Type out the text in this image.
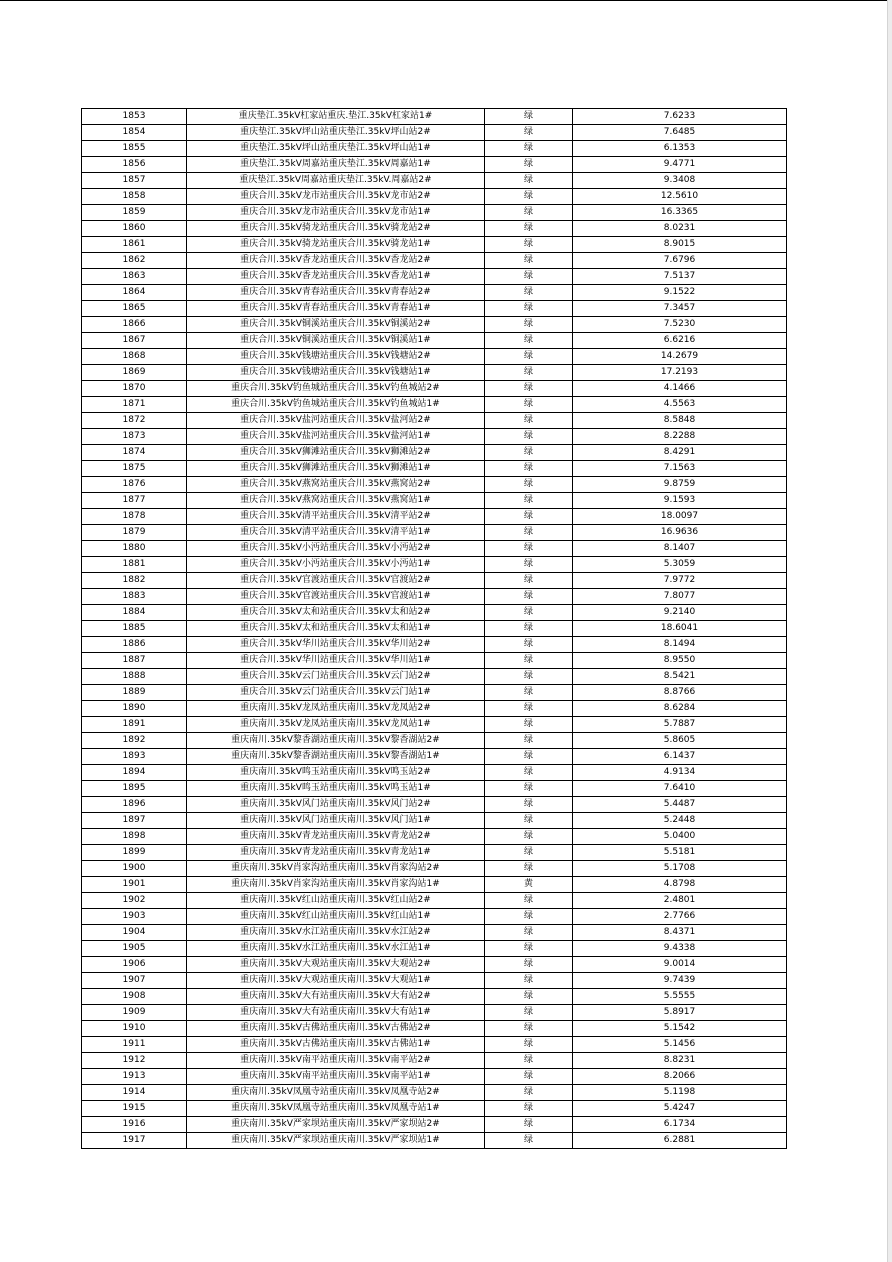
1853	重庆垫江.35kV杠家站重庆.垫江.35kV杠家站1#	绿	7.6233
1854	重庆垫江.35kV坪山站重庆垫江.35kV坪山站2#	绿	7.6485
1855	重庆垫江.35kV坪山站重庆垫江.35kV坪山站1#	绿	6.1353
1856	重庆垫江.35kV周嘉站重庆垫江.35kV周嘉站1#	绿	9.4771
1857	重庆垫江.35kV周嘉站重庆垫江.35kV.周嘉站2#	绿	9.3408
1858	重庆合川.35kV龙市站重庆合川.35kV龙市站2#	绿	12.5610
1859	重庆合川.35kV龙市站重庆合川.35kV龙市站1#	绿	16.3365
1860	重庆合川.35kV骑龙站重庆合川.35kV骑龙站2#	绿	8.0231
1861	重庆合川.35kV骑龙站重庆合川.35kV骑龙站1#	绿	8.9015
1862	重庆合川.35kV香龙站重庆合川.35kV香龙站2#	绿	7.6796
1863	重庆合川.35kV香龙站重庆合川.35kV香龙站1#	绿	7.5137
1864	重庆合川.35kV青春站重庆合川.35kV青春站2#	绿	9.1522
1865	重庆合川.35kV青春站重庆合川.35kV青春站1#	绿	7.3457
1866	重庆合川.35kV铜溪站重庆合川.35kV铜溪站2#	绿	7.5230
1867	重庆合川.35kV铜溪站重庆合川.35kV铜溪站1#	绿	6.6216
1868	重庆合川.35kV钱塘站重庆合川.35kV钱塘站2#	绿	14.2679
1869	重庆合川.35kV钱塘站重庆合川.35kV钱塘站1#	绿	17.2193
1870	重庆合川.35kV钓鱼城站重庆合川.35kV钓鱼城站2#	绿	4.1466
1871	重庆合川.35kV钓鱼城站重庆合川.35kV钓鱼城站1#	绿	4.5563
1872	重庆合川.35kV盐河站重庆合川.35kV盐河站2#	绿	8.5848
1873	重庆合川.35kV盐河站重庆合川.35kV盐河站1#	绿	8.2288
1874	重庆合川.35kV狮滩站重庆合川.35kV狮滩站2#	绿	8.4291
1875	重庆合川.35kV狮滩站重庆合川.35kV狮滩站1#	绿	7.1563
1876	重庆合川.35kV燕窝站重庆合川.35kV燕窝站2#	绿	9.8759
1877	重庆合川.35kV燕窝站重庆合川.35kV燕窝站1#	绿	9.1593
1878	重庆合川.35kV清平站重庆合川.35kV清平站2#	绿	18.0097
1879	重庆合川.35kV清平站重庆合川.35kV清平站1#	绿	16.9636
1880	重庆合川.35kV小沔站重庆合川.35kV小沔站2#	绿	8.1407
1881	重庆合川.35kV小沔站重庆合川.35kV小沔站1#	绿	5.3059
1882	重庆合川.35kV官渡站重庆合川.35kV官渡站2#	绿	7.9772
1883	重庆合川.35kV官渡站重庆合川.35kV官渡站1#	绿	7.8077
1884	重庆合川.35kV太和站重庆合川.35kV太和站2#	绿	9.2140
1885	重庆合川.35kV太和站重庆合川.35kV太和站1#	绿	18.6041
1886	重庆合川.35kV华川站重庆合川.35kV华川站2#	绿	8.1494
1887	重庆合川.35kV华川站重庆合川.35kV华川站1#	绿	8.9550
1888	重庆合川.35kV云门站重庆合川.35kV云门站2#	绿	8.5421
1889	重庆合川.35kV云门站重庆合川.35kV云门站1#	绿	8.8766
1890	重庆南川.35kV龙凤站重庆南川.35kV龙凤站2#	绿	8.6284
1891	重庆南川.35kV龙凤站重庆南川.35kV龙凤站1#	绿	5.7887
1892	重庆南川.35kV黎香湖站重庆南川.35kV黎香湖站2#	绿	5.8605
1893	重庆南川.35kV黎香湖站重庆南川.35kV黎香湖站1#	绿	6.1437
1894	重庆南川.35kV鸣玉站重庆南川.35kV鸣玉站2#	绿	4.9134
1895	重庆南川.35kV鸣玉站重庆南川.35kV鸣玉站1#	绿	7.6410
1896	重庆南川.35kV风门站重庆南川.35kV风门站2#	绿	5.4487
1897	重庆南川.35kV风门站重庆南川.35kV风门站1#	绿	5.2448
1898	重庆南川.35kV青龙站重庆南川.35kV青龙站2#	绿	5.0400
1899	重庆南川.35kV青龙站重庆南川.35kV青龙站1#	绿	5.5181
1900	重庆南川.35kV肖家沟站重庆南川.35kV肖家沟站2#	绿	5.1708
1901	重庆南川.35kV肖家沟站重庆南川.35kV肖家沟站1#	黄	4.8798
1902	重庆南川.35kV红山站重庆南川.35kV红山站2#	绿	2.4801
1903	重庆南川.35kV红山站重庆南川.35kV红山站1#	绿	2.7766
1904	重庆南川.35kV水江站重庆南川.35kV水江站2#	绿	8.4371
1905	重庆南川.35kV水江站重庆南川.35kV水江站1#	绿	9.4338
1906	重庆南川.35kV大观站重庆南川.35kV大观站2#	绿	9.0014
1907	重庆南川.35kV大观站重庆南川.35kV大观站1#	绿	9.7439
1908	重庆南川.35kV大有站重庆南川.35kV大有站2#	绿	5.5555
1909	重庆南川.35kV大有站重庆南川.35kV大有站1#	绿	5.8917
1910	重庆南川.35kV古佛站重庆南川.35kV古佛站2#	绿	5.1542
1911	重庆南川.35kV古佛站重庆南川.35kV古佛站1#	绿	5.1456
1912	重庆南川.35kV南平站重庆南川.35kV南平站2#	绿	8.8231
1913	重庆南川.35kV南平站重庆南川.35kV南平站1#	绿	8.2066
1914	重庆南川.35kV凤凰寺站重庆南川.35kV凤凰寺站2#	绿	5.1198
1915	重庆南川.35kV凤凰寺站重庆南川.35kV凤凰寺站1#	绿	5.4247
1916	重庆南川.35kV严家坝站重庆南川.35kV严家坝站2#	绿	6.1734
1917	重庆南川.35kV严家坝站重庆南川.35kV严家坝站1#	绿	6.2881
